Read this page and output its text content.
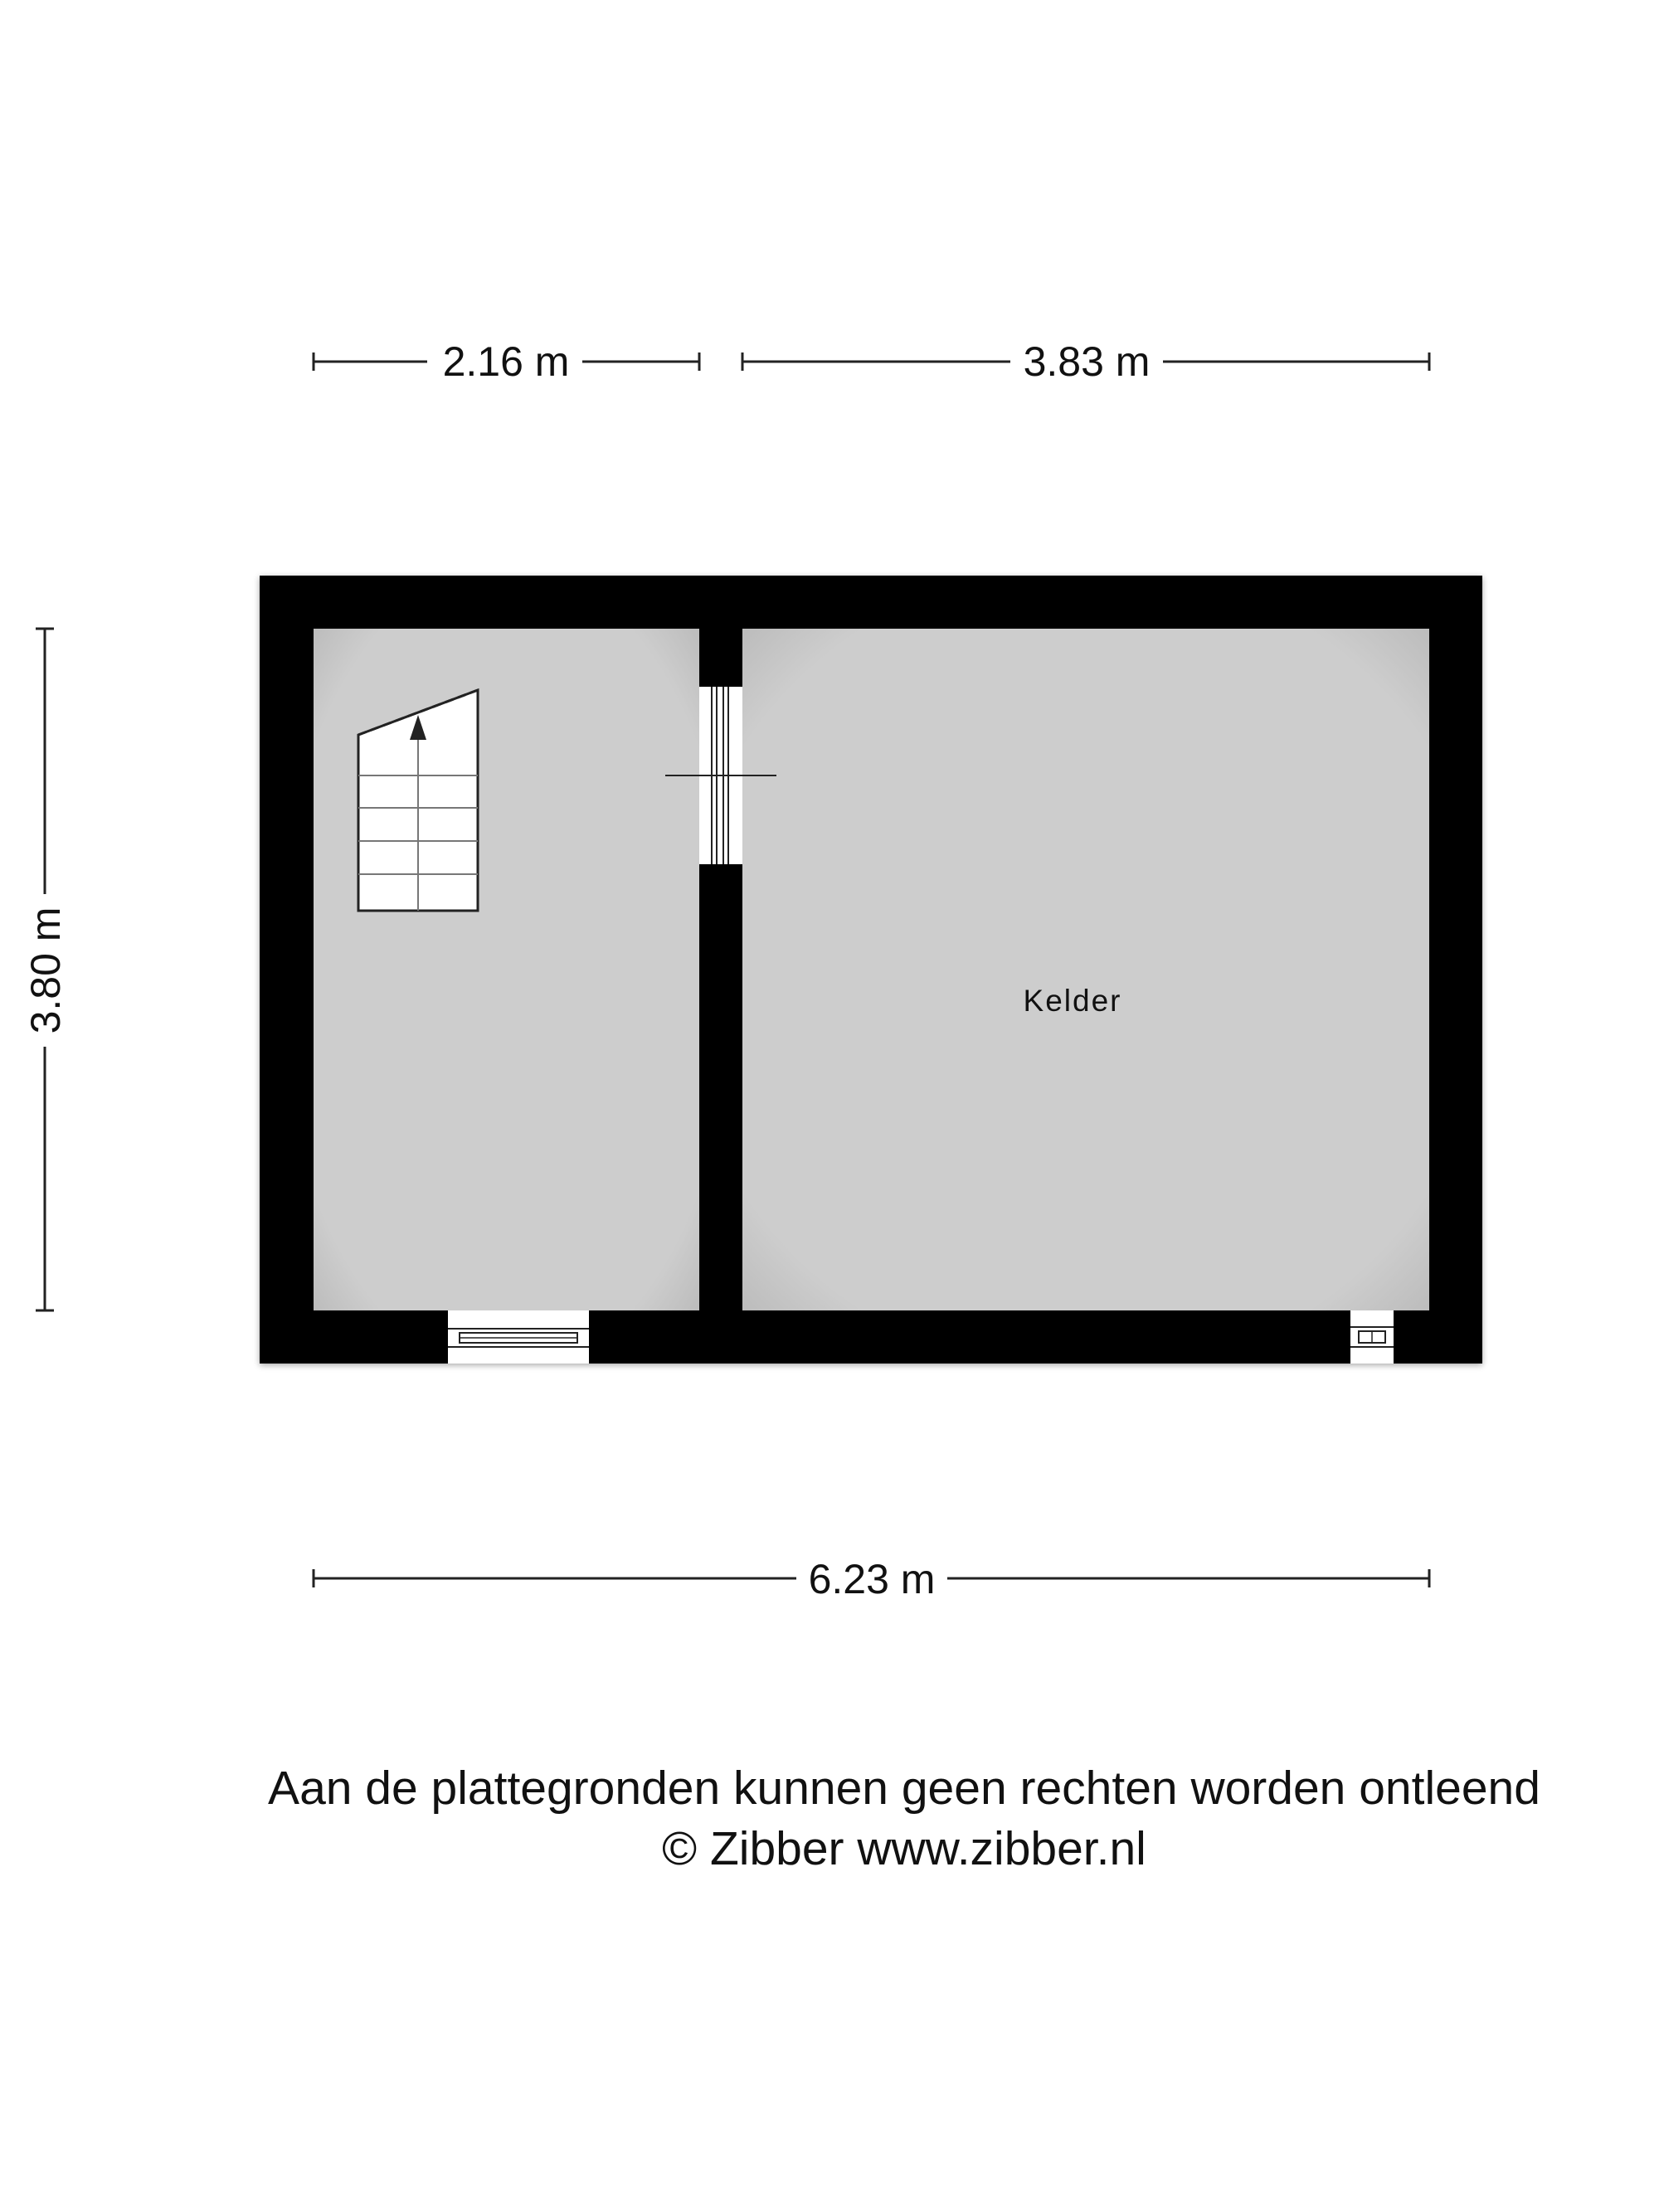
2.16 m	3.83 m
3.80 m	Kelder
6.23 m
Aan de plattegronden kunnen geen rechten worden ontleend
© Zibber www.zibber.nl
